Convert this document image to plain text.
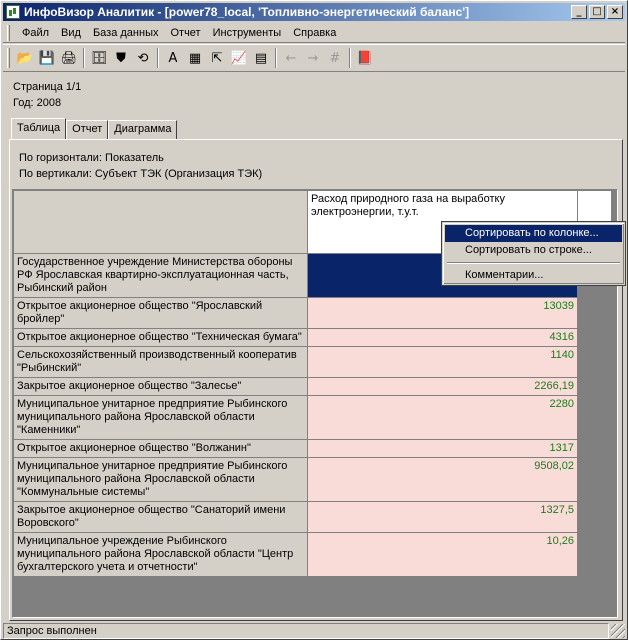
ИнфоВизор Аналитик - [power78_local, 'Топливно-энергетический баланс']	_	□ ×
Файл	Вид	База данных	Отчет	Инструменты	Справка
📂 💾 🖨 🗄 ⛊ ⟲	A ▦ ⇱ 📈 ▤	← → #	📕
Страница 1/1
Год: 2008
Таблица	Отчет	Диаграмма
По горизонтали: Показатель
По вертикали: Субъект ТЭК (Организация ТЭК)
	Расход природного газа на выработку электроэнергии, т.у.т.	
Государственное учреждение Министерства обороны РФ Ярославская квартирно-эксплуатационная часть, Рыбинский район		
Открытое акционерное общество "Ярославский бройлер"	13039	
Открытое акционерное общество "Техническая бумага"	4316	
Сельскохозяйственный производственный кооператив "Рыбинский"	1140	
Закрытое акционерное общество "Залесье"	2266,19	
Муниципальное унитарное предприятие Рыбинского муниципального района Ярославской области "Каменники"	2280	
Открытое акционерное общество "Волжанин"	1317	
Муниципальное унитарное предприятие Рыбинского муниципального района Ярославской области "Коммунальные системы"	9508,02	
Закрытое акционерное общество "Санаторий имени Воровского"	1327,5	
Муниципальное учреждение Рыбинского муниципального района Ярославской области "Центр бухгалтерского учета и отчетности"	10,26	
Сортировать по колонке...
Сортировать по строке...
Комментарии...
Запрос выполнен
